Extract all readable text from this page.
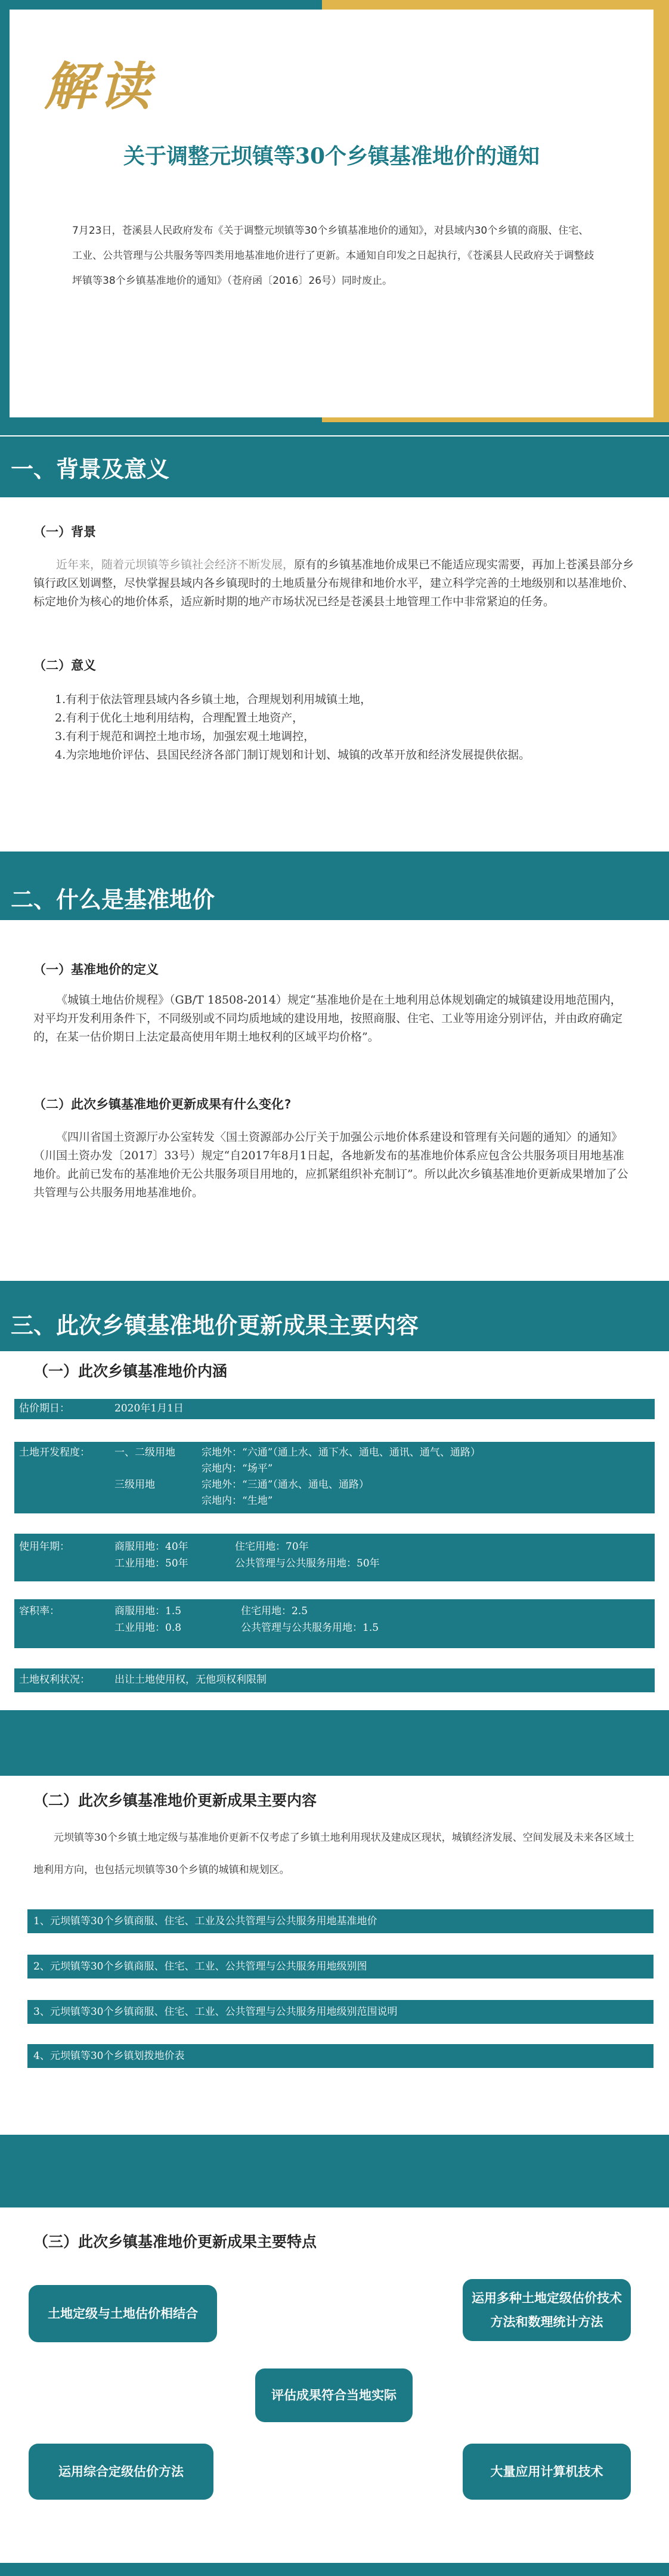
解读
关于调整元坝镇等30个乡镇基准地价的通知
7月23日，苍溪县人民政府发布《关于调整元坝镇等30个乡镇基准地价的通知》，对县域内30个乡镇的商服、住宅、工业、公共管理与公共服务等四类用地基准地价进行了更新。本通知自印发之日起执行，《苍溪县人民政府关于调整歧坪镇等38个乡镇基准地价的通知》（苍府函〔2016〕26号）同时废止。
一、背景及意义
（一）背景
近年来，随着元坝镇等乡镇社会经济不断发展，原有的乡镇基准地价成果已不能适应现实需要，再加上苍溪县部分乡镇行政区划调整，尽快掌握县域内各乡镇现时的土地质量分布规律和地价水平，建立科学完善的土地级别和以基准地价、标定地价为核心的地价体系，适应新时期的地产市场状况已经是苍溪县土地管理工作中非常紧迫的任务。
（二）意义
1.有利于依法管理县域内各乡镇土地，合理规划利用城镇土地，
2.有利于优化土地利用结构，合理配置土地资产，
3.有利于规范和调控土地市场，加强宏观土地调控，
4.为宗地地价评估、县国民经济各部门制订规划和计划、城镇的改革开放和经济发展提供依据。
二、什么是基准地价
（一）基准地价的定义
《城镇土地估价规程》（GB/T 18508-2014）规定“基准地价是在土地利用总体规划确定的城镇建设用地范围内，对平均开发利用条件下，不同级别或不同均质地域的建设用地，按照商服、住宅、工业等用途分别评估，并由政府确定的，在某一估价期日上法定最高使用年期土地权利的区域平均价格”。
（二）此次乡镇基准地价更新成果有什么变化?
《四川省国土资源厅办公室转发〈国土资源部办公厅关于加强公示地价体系建设和管理有关问题的通知〉的通知》（川国土资办发〔2017〕33号）规定“自2017年8月1日起，各地新发布的基准地价体系应包含公共服务项目用地基准地价。此前已发布的基准地价无公共服务项目用地的，应抓紧组织补充制订”。所以此次乡镇基准地价更新成果增加了公共管理与公共服务用地基准地价。
三、此次乡镇基准地价更新成果主要内容
（一）此次乡镇基准地价内涵
估价期日：	2020年1月1日
土地开发程度： 一、二级用地	宗地外：“六通”（通上水、通下水、通电、通讯、通气、通路）
宗地内：“场平”
三级用地	宗地外：“三通”（通水、通电、通路）
宗地内：“生地”
使用年期：	商服用地：40年	住宅用地：70年
工业用地：50年	公共管理与公共服务用地：50年
容积率：	商服用地：1.5	住宅用地：2.5
工业用地：0.8	公共管理与公共服务用地：1.5
土地权利状况： 出让土地使用权，无他项权利限制
（二）此次乡镇基准地价更新成果主要内容
元坝镇等30个乡镇土地定级与基准地价更新不仅考虑了乡镇土地利用现状及建成区现状，城镇经济发展、空间发展及未来各区域土地利用方向，也包括元坝镇等30个乡镇的城镇和规划区。
1、元坝镇等30个乡镇商服、住宅、工业及公共管理与公共服务用地基准地价
2、元坝镇等30个乡镇商服、住宅、工业、公共管理与公共服务用地级别图
3、元坝镇等30个乡镇商服、住宅、工业、公共管理与公共服务用地级别范围说明
4、元坝镇等30个乡镇划拨地价表
（三）此次乡镇基准地价更新成果主要特点
土地定级与土地估价相结合
运用多种土地定级估价技术方法和数理统计方法
评估成果符合当地实际
运用综合定级估价方法	大量应用计算机技术
